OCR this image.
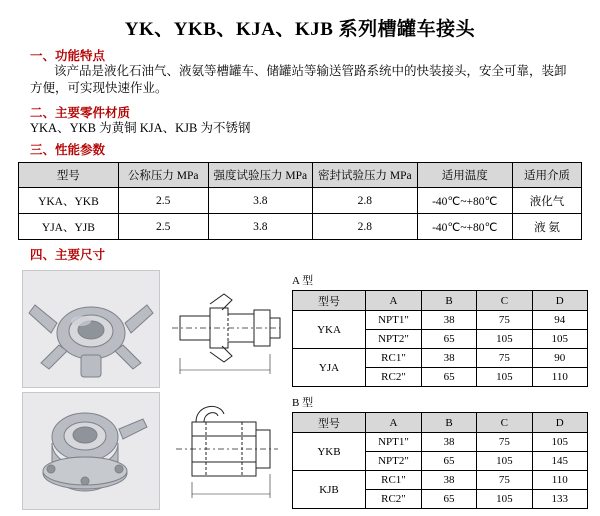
YK、YKB、KJA、KJB 系列槽罐车接头

一、功能特点

该产品是液化石油气、液氨等槽罐车、储罐站等输送管路系统中的快装接头，安全可靠，装卸

方便，可实现快速作业。

二、主要零件材质

YKA、YKB 为黄铜 KJA、KJB 为不锈钢

三、性能参数

型号	公称压力 MPa	强度试验压力 MPa	密封试验压力 MPa	适用温度	适用介质
YKA、YKB	2.5	3.8	2.8	-40℃~+80℃	液化气
YJA、YJB	2.5	3.8	2.8	-40℃~+80℃	液 氨

四、主要尺寸

A 型

型号	A	B	C	D
YKA	NPT1"	38	75	94
	NPT2"	65	105	105
YJA	RC1"	38	75	90
	RC2"	65	105	110

B 型

型号	A	B	C	D
YKB	NPT1"	38	75	105
	NPT2"	65	105	145
KJB	RC1"	38	75	110
	RC2"	65	105	133
